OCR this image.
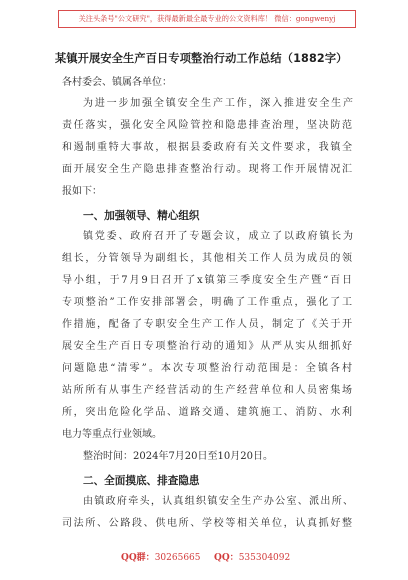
关注头条号"公文研究"，获得最新最全最专业的公文资料库！ 微信：gongwenyj
某镇开展安全生产百日专项整治行动工作总结（1882字）
各村委会、镇属各单位：
为进一步加强全镇安全生产工作，深入推进安全生产
责任落实，强化安全风险管控和隐患排查治理，坚决防范
和遏制重特大事故，根据县委政府有关文件要求，我镇全
面开展安全生产隐患排查整治行动。现将工作开展情况汇
报如下：
一、加强领导、精心组织
镇党委、政府召开了专题会议，成立了以政府镇长为
组长，分管领导为副组长，其他相关工作人员为成员的领
导小组，于7月9日召开了x镇第三季度安全生产暨“百日
专项整治”工作安排部署会，明确了工作重点，强化了工
作措施，配备了专职安全生产工作人员，制定了《关于开
展安全生产百日专项整治行动的通知》从严从实从细抓好
问题隐患“清零”。本次专项整治行动范围是：全镇各村
站所所有从事生产经营活动的生产经营单位和人员密集场
所，突出危险化学品、道路交通、建筑施工、消防、水利
电力等重点行业领域。
整治时间：2024年7月20日至10月20日。
二、全面摸底、排查隐患
由镇政府牵头，认真组织镇安全生产办公室、派出所、
司法所、公路段、供电所、学校等相关单位，认真抓好整
QQ群：30265665 QQ：535304092
